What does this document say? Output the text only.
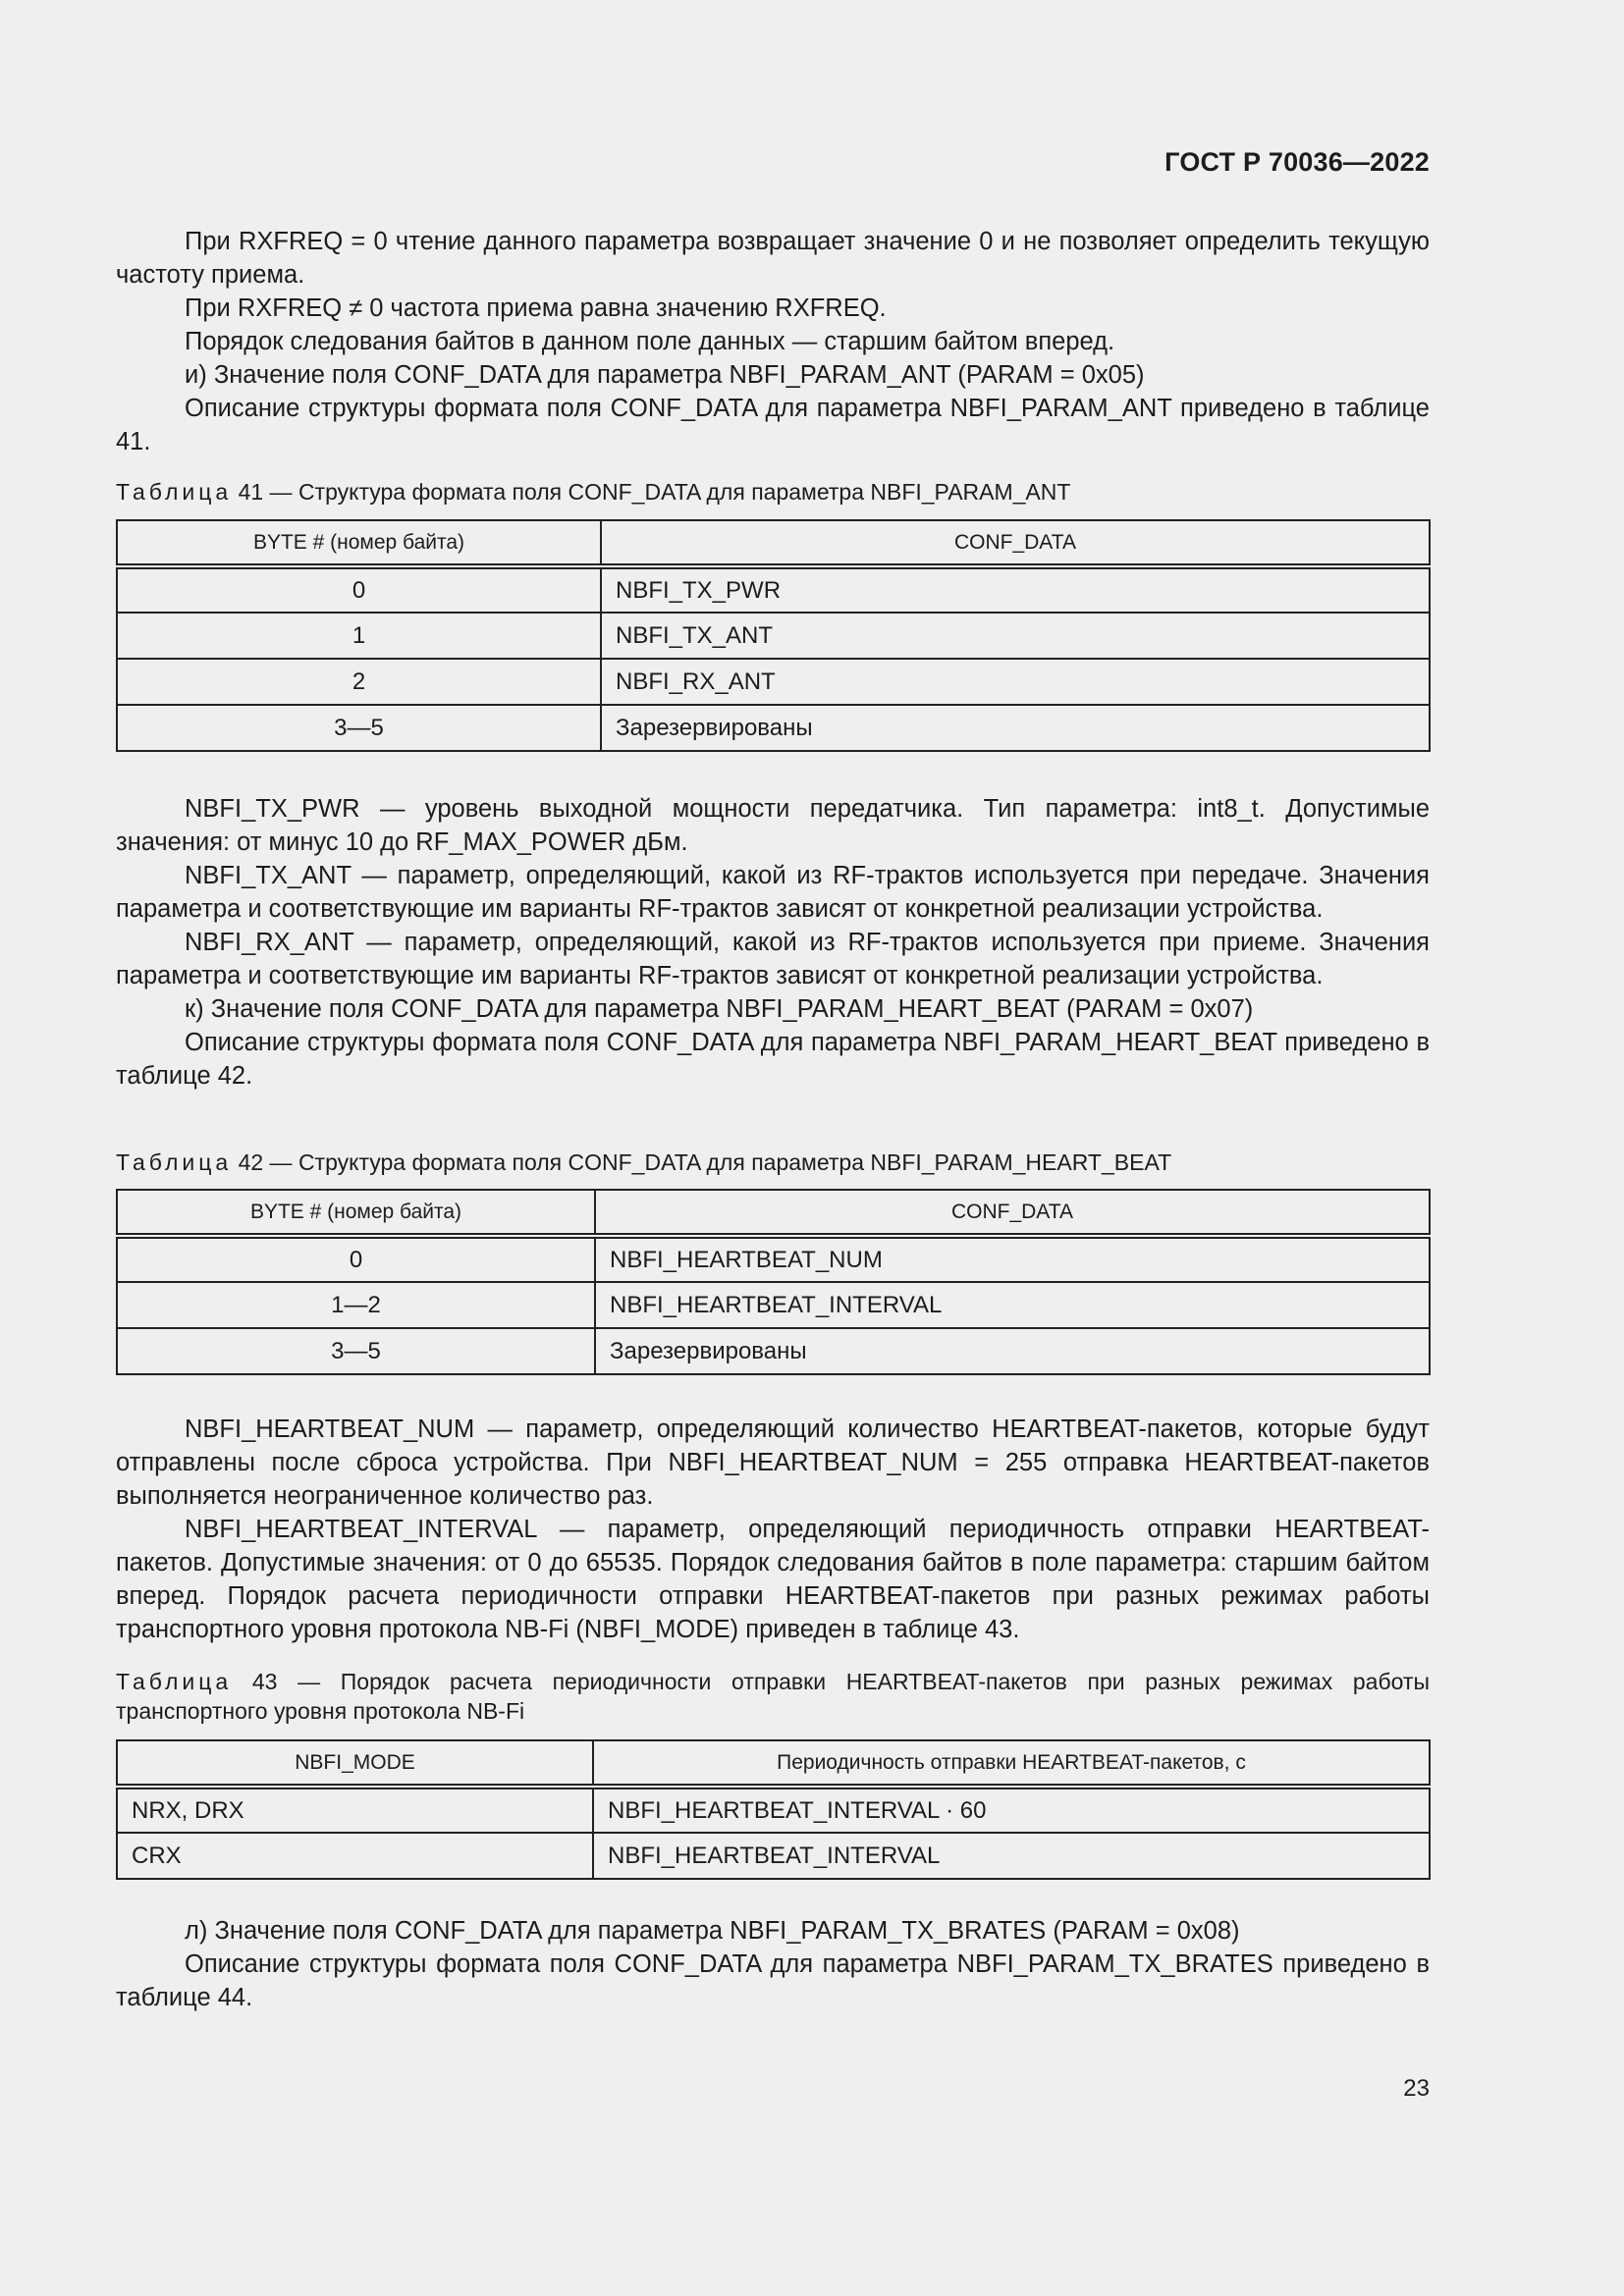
ГОСТ Р 70036—2022

При RXFREQ = 0 чтение данного параметра возвращает значение 0 и не позволяет определить текущую частоту приема.

При RXFREQ ≠ 0 частота приема равна значению RXFREQ.

Порядок следования байтов в данном поле данных — старшим байтом вперед.

и) Значение поля CONF_DATA для параметра NBFI_PARAM_ANT (PARAM = 0x05)

Описание структуры формата поля CONF_DATA для параметра NBFI_PARAM_ANT приведено в таблице 41.

Таблица 41 — Структура формата поля CONF_DATA для параметра NBFI_PARAM_ANT

BYTE # (номер байта)	CONF_DATA
0	NBFI_TX_PWR
1	NBFI_TX_ANT
2	NBFI_RX_ANT
3—5	Зарезервированы

NBFI_TX_PWR — уровень выходной мощности передатчика. Тип параметра: int8_t. Допустимые значения: от минус 10 до RF_MAX_POWER дБм.

NBFI_TX_ANT — параметр, определяющий, какой из RF-трактов используется при передаче. Значения параметра и соответствующие им варианты RF-трактов зависят от конкретной реализации устройства.

NBFI_RX_ANT — параметр, определяющий, какой из RF-трактов используется при приеме. Значения параметра и соответствующие им варианты RF-трактов зависят от конкретной реализации устройства.

к) Значение поля CONF_DATA для параметра NBFI_PARAM_HEART_BEAT (PARAM = 0x07)

Описание структуры формата поля CONF_DATA для параметра NBFI_PARAM_HEART_BEAT приведено в таблице 42.

Таблица 42 — Структура формата поля CONF_DATA для параметра NBFI_PARAM_HEART_BEAT

BYTE # (номер байта)	CONF_DATA
0	NBFI_HEARTBEAT_NUM
1—2	NBFI_HEARTBEAT_INTERVAL
3—5	Зарезервированы

NBFI_HEARTBEAT_NUM — параметр, определяющий количество HEARTBEAT-пакетов, которые будут отправлены после сброса устройства. При NBFI_HEARTBEAT_NUM = 255 отправка HEARTBEAT-пакетов выполняется неограниченное количество раз.

NBFI_HEARTBEAT_INTERVAL — параметр, определяющий периодичность отправки HEARTBEAT-пакетов. Допустимые значения: от 0 до 65535. Порядок следования байтов в поле параметра: старшим байтом вперед. Порядок расчета периодичности отправки HEARTBEAT-пакетов при разных режимах работы транспортного уровня протокола NB-Fi (NBFI_MODE) приведен в таблице 43.

Таблица 43 — Порядок расчета периодичности отправки HEARTBEAT-пакетов при разных режимах работы транспортного уровня протокола NB-Fi

NBFI_MODE	Периодичность отправки HEARTBEAT-пакетов, с
NRX, DRX	NBFI_HEARTBEAT_INTERVAL · 60
CRX	NBFI_HEARTBEAT_INTERVAL

л) Значение поля CONF_DATA для параметра NBFI_PARAM_TX_BRATES (PARAM = 0x08)

Описание структуры формата поля CONF_DATA для параметра NBFI_PARAM_TX_BRATES приведено в таблице 44.

23
